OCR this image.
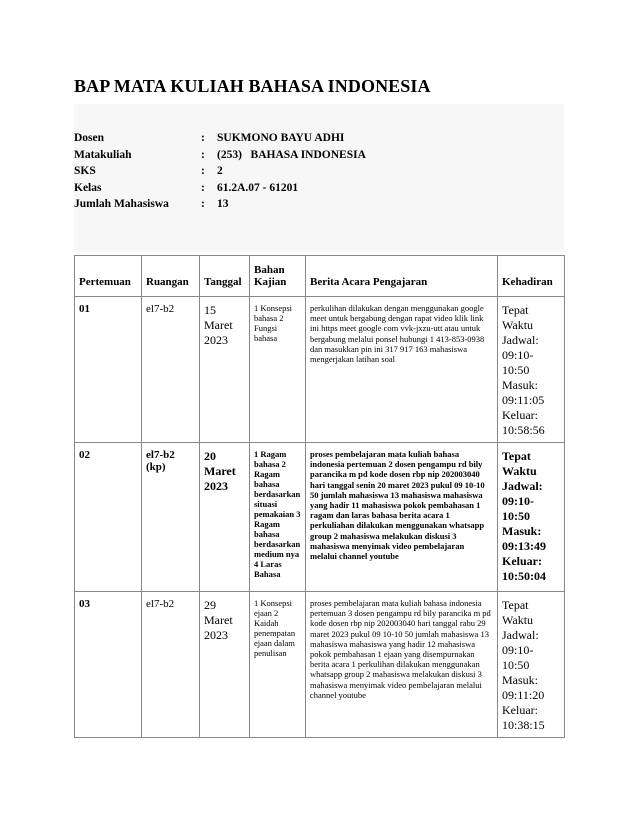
BAP MATA KULIAH BAHASA INDONESIA
Dosen	:	SUKMONO BAYU ADHI
Matakuliah	:	(253)   BAHASA INDONESIA
SKS	:	2
Kelas	:	61.2A.07 - 61201
Jumlah Mahasiswa	:	13
Pertemuan	Ruangan	Tanggal	Bahan Kajian	Berita Acara Pengajaran	Kehadiran
01	el7-b2	15 Maret 2023	1 Konsepsi bahasa 2 Fungsi bahasa	perkulihan dilakukan dengan menggunakan google meet untuk bergabung dengan rapat video klik link ini https meet google com vvk-jxzu-utt atau untuk bergabung melalui ponsel hubungi 1 413-853-0938 dan masukkan pin ini 317 917 163 mahasiswa mengerjakan latihan soal	Tepat Waktu Jadwal: 09:10-10:50 Masuk: 09:11:05 Keluar: 10:58:56
02	el7-b2 (kp)	20 Maret 2023	1 Ragam bahasa 2 Ragam bahasa berdasarkan situasi pemakaian 3 Ragam bahasa berdasarkan medium nya 4 Laras Bahasa	proses pembelajaran mata kuliah bahasa indonesia pertemuan 2 dosen pengampu rd bily parancika m pd kode dosen rbp nip 202003040 hari tanggal senin 20 maret 2023 pukul 09 10-10 50 jumlah mahasiswa 13 mahasiswa mahasiswa yang hadir 11 mahasiswa pokok pembahasan 1 ragam dan laras bahasa berita acara 1 perkuliahan dilakukan menggunakan whatsapp group 2 mahasiswa melakukan diskusi 3 mahasiswa menyimak video pembelajaran melalui channel youtube	Tepat Waktu Jadwal: 09:10-10:50 Masuk: 09:13:49 Keluar: 10:50:04
03	el7-b2	29 Maret 2023	1 Konsepsi ejaan 2 Kaidah penempatan ejaan dalam penulisan	proses pembelajaran mata kuliah bahasa indonesia pertemuan 3 dosen pengampu rd bily parancika m pd kode dosen rbp nip 202003040 hari tanggal rabu 29 maret 2023 pukul 09 10-10 50 jumlah mahasiswa 13 mahasiswa mahasiswa yang hadir 12 mahasiswa pokok pembahasan 1 ejaan yang disempurnakan berita acara 1 perkulihan dilakukan menggunakan whatsapp group 2 mahasiswa melakukan diskusi 3 mahasiswa menyimak video pembelajaran melalui channel youtube	Tepat Waktu Jadwal: 09:10-10:50 Masuk: 09:11:20 Keluar: 10:38:15
